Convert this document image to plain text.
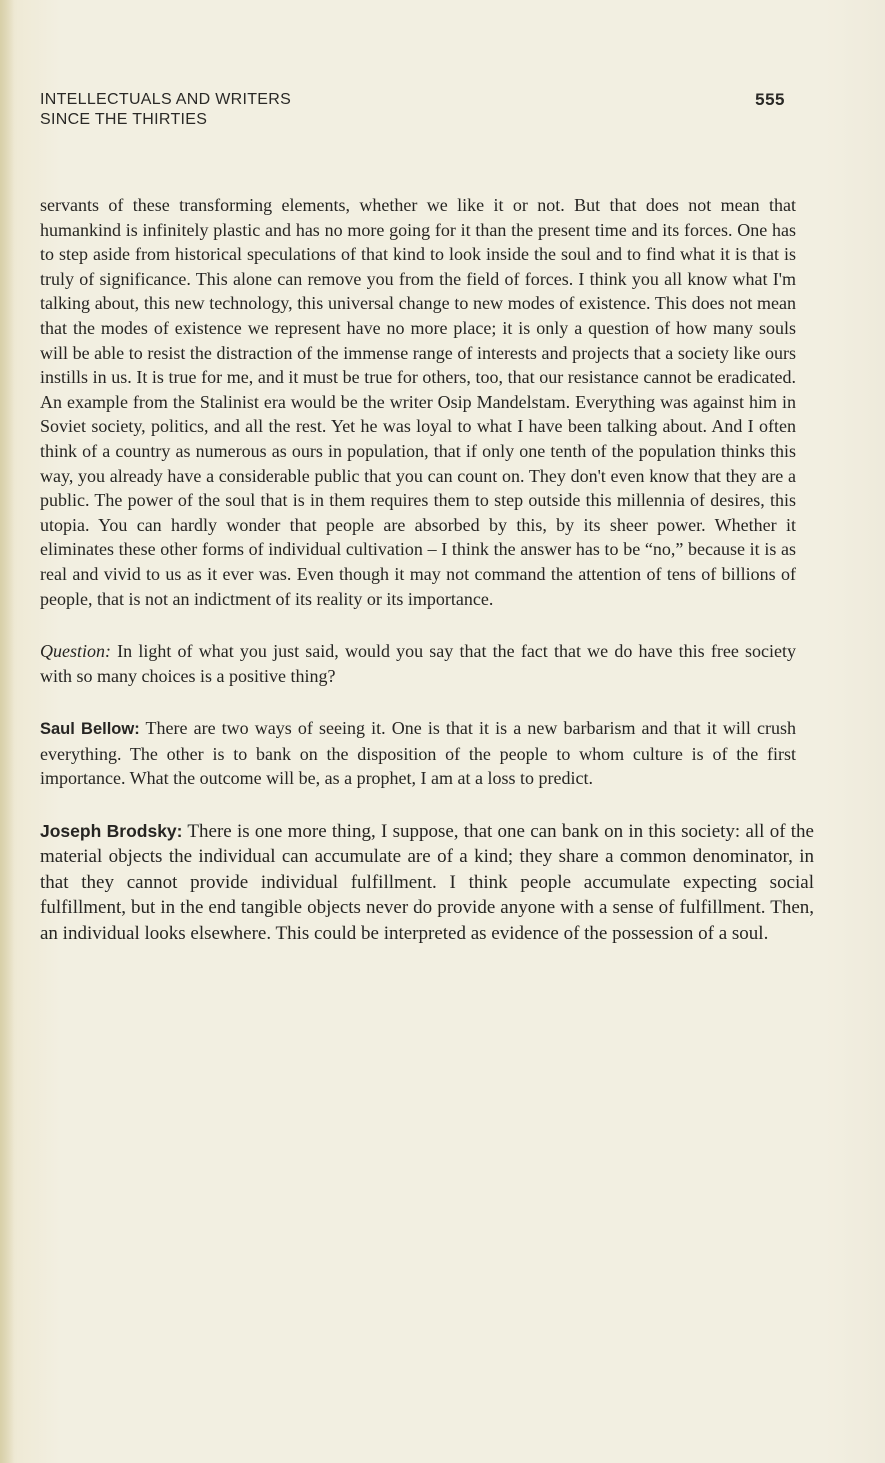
INTELLECTUALS AND WRITERS
SINCE THE THIRTIES
555

servants of these transforming elements, whether we like it or not. But that does not mean that humankind is infinitely plastic and has no more going for it than the present time and its forces. One has to step aside from historical speculations of that kind to look inside the soul and to find what it is that is truly of significance. This alone can remove you from the field of forces. I think you all know what I'm talking about, this new technology, this universal change to new modes of existence. This does not mean that the modes of existence we represent have no more place; it is only a question of how many souls will be able to resist the distraction of the immense range of interests and projects that a society like ours instills in us. It is true for me, and it must be true for others, too, that our resistance cannot be eradicated. An example from the Stalinist era would be the writer Osip Mandelstam. Everything was against him in Soviet society, politics, and all the rest. Yet he was loyal to what I have been talking about. And I often think of a country as numerous as ours in population, that if only one tenth of the population thinks this way, you already have a considerable public that you can count on. They don't even know that they are a public. The power of the soul that is in them requires them to step outside this millennia of desires, this utopia. You can hardly wonder that people are absorbed by this, by its sheer power. Whether it eliminates these other forms of individual cultivation – I think the answer has to be “no,” because it is as real and vivid to us as it ever was. Even though it may not command the attention of tens of billions of people, that is not an indictment of its reality or its importance.

Question: In light of what you just said, would you say that the fact that we do have this free society with so many choices is a positive thing?

Saul Bellow: There are two ways of seeing it. One is that it is a new barbarism and that it will crush everything. The other is to bank on the disposition of the people to whom culture is of the first importance. What the outcome will be, as a prophet, I am at a loss to predict.

Joseph Brodsky: There is one more thing, I suppose, that one can bank on in this society: all of the material objects the individual can accumulate are of a kind; they share a common denominator, in that they cannot provide individual fulfillment. I think people accumulate expecting social fulfillment, but in the end tangible objects never do provide anyone with a sense of fulfillment. Then, an individual looks elsewhere. This could be interpreted as evidence of the possession of a soul.
